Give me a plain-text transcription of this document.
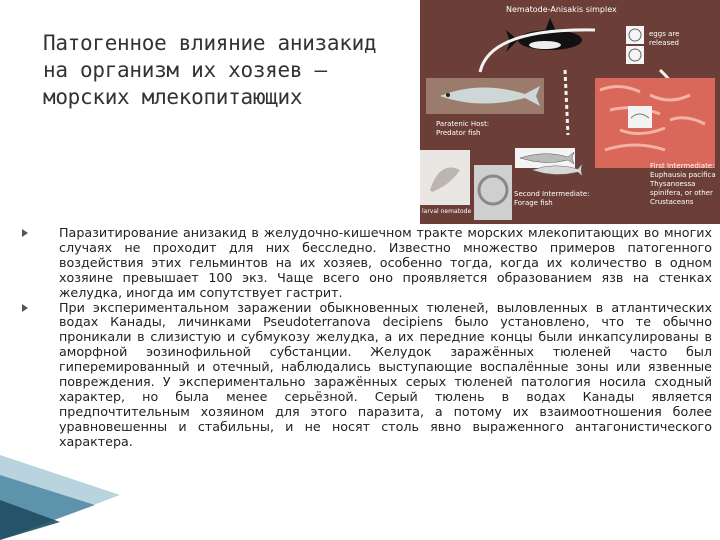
Патогенное влияние анизакид
на организм их хозяев –
морских млекопитающих
Nematode-Anisakis simplex
eggs are released
Paratenic Host: Predator fish
First Intermediate: Euphausia pacifica Thysanoessa spinifera, or other Crustaceans
Second Intermediate: Forage fish
larval nematode
Паразитирование анизакид в желудочно-кишечном тракте морских млекопитающих во многих случаях не проходит для них бесследно. Известно множество примеров патогенного воздействия этих гельминтов на их хозяев, особенно тогда, когда их количество в одном хозяине превышает 100 экз. Чаще всего оно проявляется образованием язв на стенках желудка, иногда им сопутствует гастрит.
При экспериментальном заражении обыкновенных тюленей, выловленных в атлантических водах Канады, личинками Pseudoterranova decipiens было установлено, что те обычно проникали в слизистую и субмукозу желудка, а их передние концы были инкапсулированы в аморфной эозинофильной субстанции. Желудок заражённых тюленей часто был гиперемированный и отечный, наблюдались выступающие воспалённые зоны или язвенные повреждения. У экспериментально заражённых серых тюленей патология носила сходный характер, но была менее серьёзной. Серый тюлень в водах Канады является предпочтительным хозяином для этого паразита, а потому их взаимоотношения более уравновешенны и стабильны, и не носят столь явно выраженного антагонистического характера.
